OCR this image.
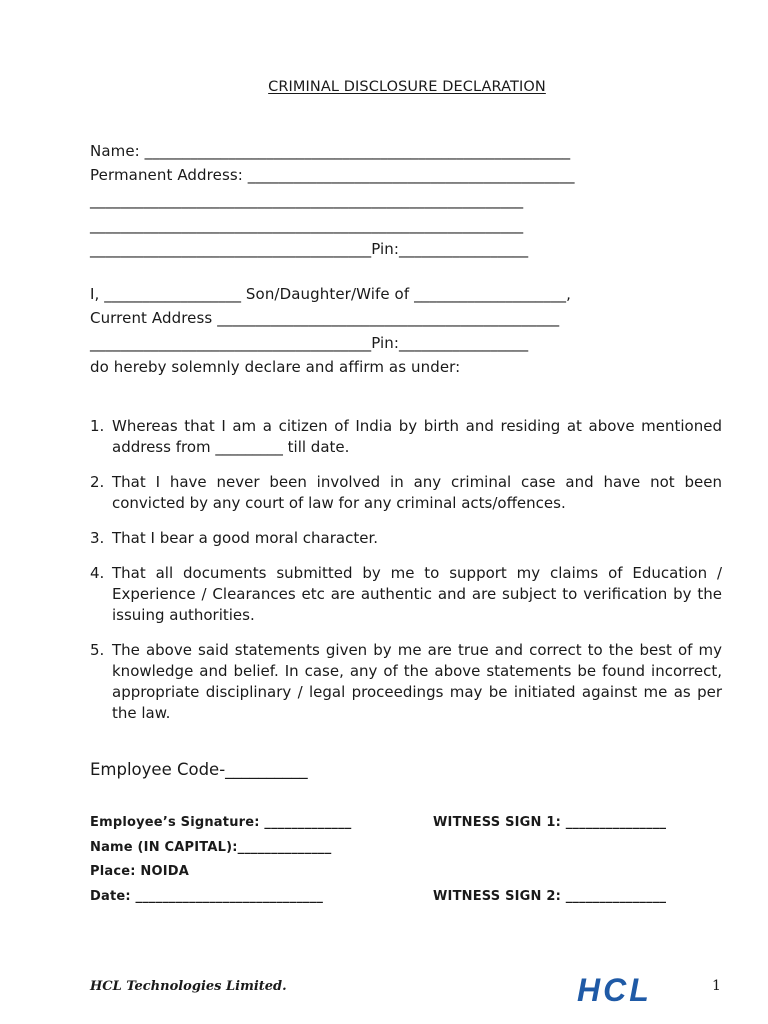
CRIMINAL DISCLOSURE DECLARATION
Name: ________________________________________________________
Permanent Address: ___________________________________________
_________________________________________________________
_________________________________________________________
_____________________________________Pin:_________________
I, __________________ Son/Daughter/Wife of ____________________,
Current Address _____________________________________________
_____________________________________Pin:_________________
do hereby solemnly declare and affirm as under:
1. Whereas that I am a citizen of India by birth and residing at above mentioned address from _________ till date.
2. That I have never been involved in any criminal case and have not been convicted by any court of law for any criminal acts/offences.
3. That I bear a good moral character.
4. That all documents submitted by me to support my claims of Education / Experience / Clearances etc are authentic and are subject to verification by the issuing authorities.
5. The above said statements given by me are true and correct to the best of my knowledge and belief. In case, any of the above statements be found incorrect, appropriate disciplinary / legal proceedings may be initiated against me as per the law.
Employee Code-__________
Employee’s Signature: _____________
Name (IN CAPITAL):______________
Place: NOIDA
Date: ____________________________
WITNESS SIGN 1: _______________
WITNESS SIGN 2: _______________
HCL Technologies Limited.	HCL	1
